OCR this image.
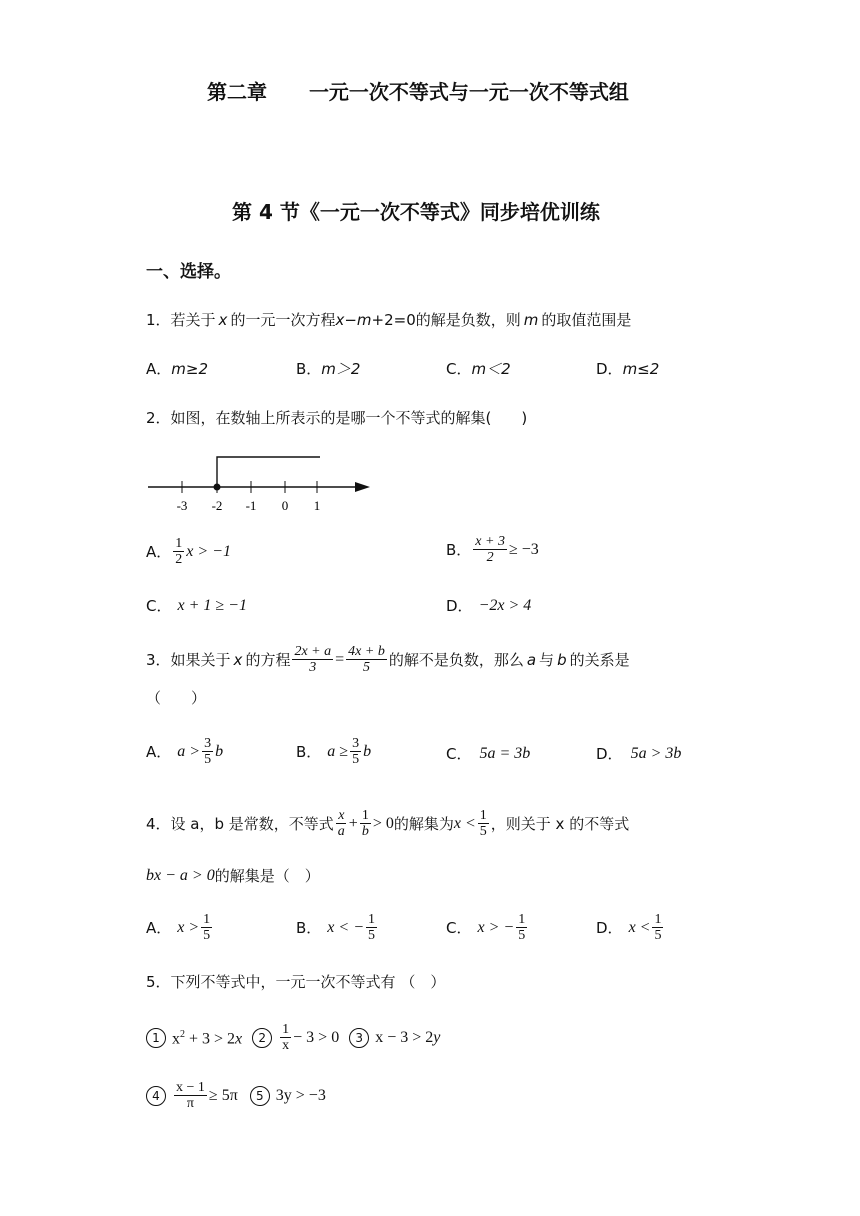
第二章 一元一次不等式与一元一次不等式组
第 4 节《一元一次不等式》同步培优训练
一、选择。
1．若关于 x 的一元一次方程 x − m +2=0 的解是负数，则 m 的取值范围是
A．m≥2	B．m＞2	C．m＜2	D．m≤2
2．如图，在数轴上所表示的是哪一个不等式的解集(　　)
-3 -2 -1 0 1
A． $\frac{1}{2}$ x > −1	B． $\frac{x + 3}{2} \ge -3$
C． x + 1 ≥ −1	D． −2x > 4
3．如果关于 x 的方程 $\frac{2x + a}{3} = \frac{4x + b}{5}$ 的解不是负数，那么 a 与 b 的关系是
（　　）
A． $a > \frac{3}{5}$ b	B． $a \ge \frac{3}{5}$ b	C． 5a = 3b	D． 5a > 3b
4．设 a，b 是常数，不等式 $\frac{x}{a} + \frac{1}{b} > 0$ 的解集为 $x < \frac{1}{5}$ ，则关于 x 的不等式
bx − a > 0 的解集是（　）
A． $x > \frac{1}{5}$	B． x < − $\frac{1}{5}$	C． x > − $\frac{1}{5}$	D． $x < \frac{1}{5}$
5．下列不等式中，一元一次不等式有 （　）
1 $x^2 + 3 > 2x$	2	$\frac{1}{x} - 3 > 0$	3 x − 3 > 2 y
4	$\frac{x - 1}{\pi} \ge 5\pi$	5 3y > −3
